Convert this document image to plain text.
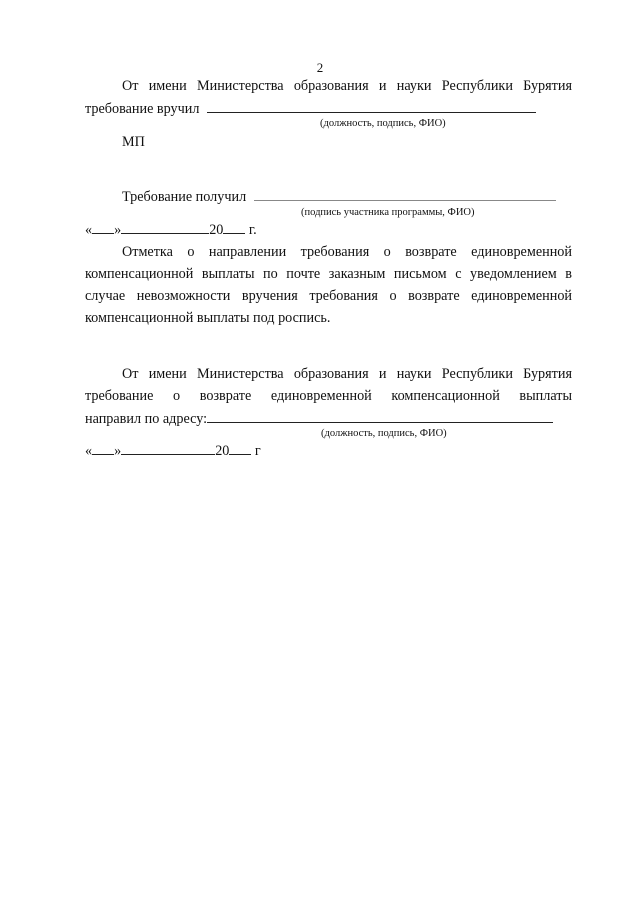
2
От имени Министерства образования и науки Республики Бурятия
требование вручил
(должность, подпись, ФИО)
МП
Требование получил
(подпись участника программы, ФИО)
« »	20 г.
Отметка о направлении требования о возврате единовременной
компенсационной выплаты по почте заказным письмом с уведомлением в
случае невозможности вручения требования о возврате единовременной
компенсационной выплаты под роспись.
От имени Министерства образования и науки Республики Бурятия
требование о возврате единовременной компенсационной выплаты
направил по адресу:
(должность, подпись, ФИО)
« »	20 г
